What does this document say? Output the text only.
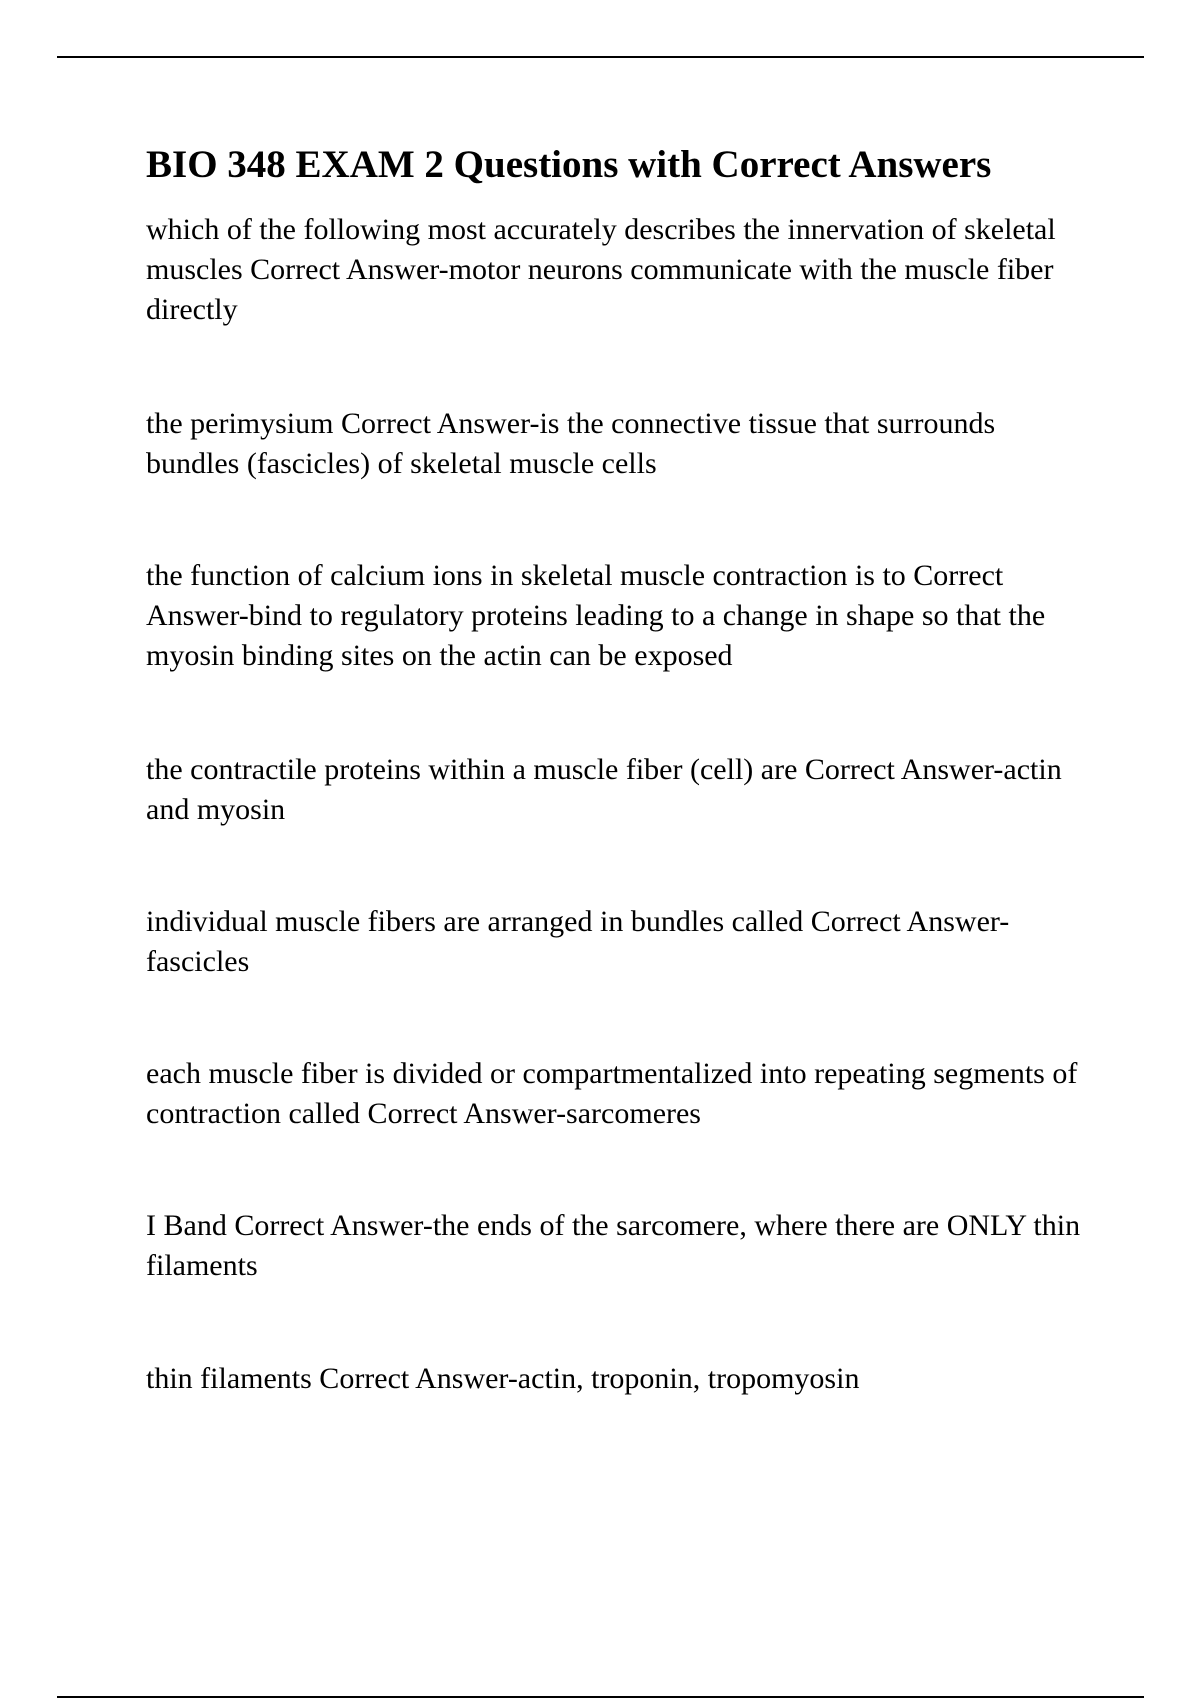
BIO 348 EXAM 2 Questions with Correct Answers

which of the following most accurately describes the innervation of skeletal muscles Correct Answer-motor neurons communicate with the muscle fiber directly

the perimysium Correct Answer-is the connective tissue that surrounds bundles (fascicles) of skeletal muscle cells

the function of calcium ions in skeletal muscle contraction is to Correct Answer-bind to regulatory proteins leading to a change in shape so that the myosin binding sites on the actin can be exposed

the contractile proteins within a muscle fiber (cell) are Correct Answer-actin and myosin

individual muscle fibers are arranged in bundles called Correct Answer-fascicles

each muscle fiber is divided or compartmentalized into repeating segments of contraction called Correct Answer-sarcomeres

I Band Correct Answer-the ends of the sarcomere, where there are ONLY thin filaments

thin filaments Correct Answer-actin, troponin, tropomyosin
